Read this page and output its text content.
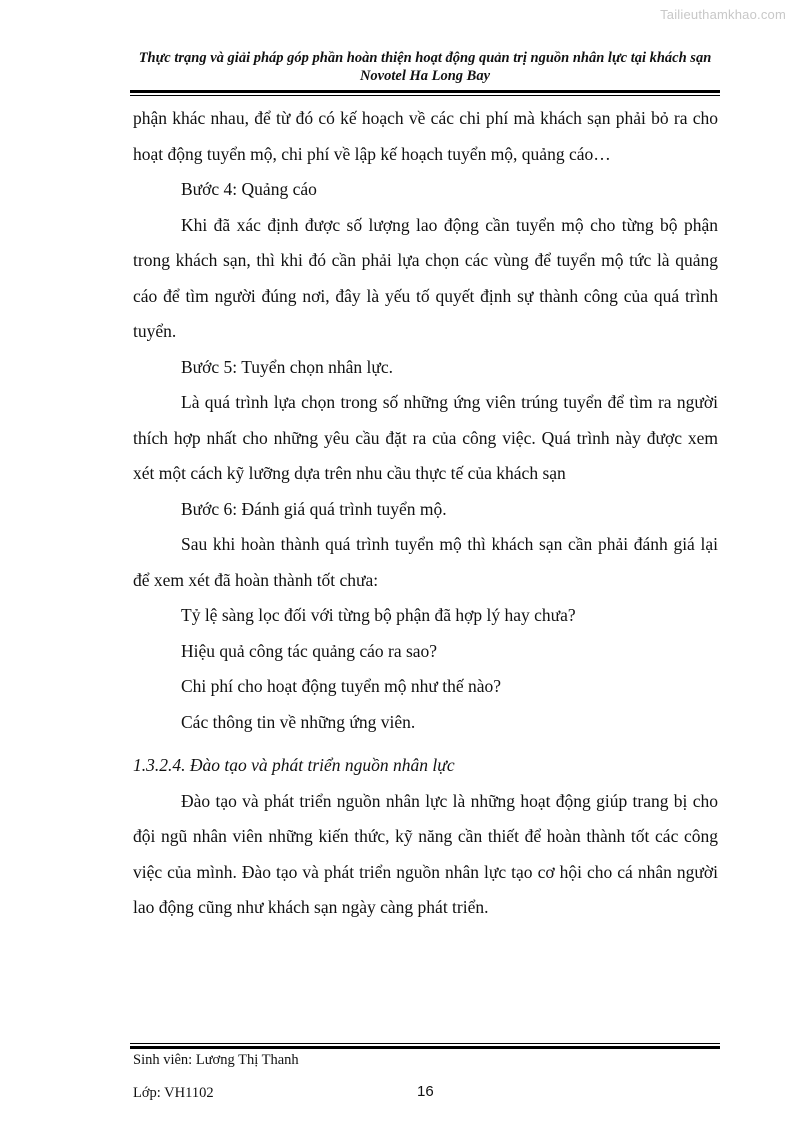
Tailieuthamkhao.com
Thực trạng và giải pháp góp phần hoàn thiện hoạt động quản trị nguồn nhân lực tại khách sạn
Novotel Ha Long Bay

phận khác nhau, để từ đó có kế hoạch về các chi phí mà khách sạn phải bỏ ra cho hoạt động tuyển mộ, chi phí về lập kế hoạch tuyển mộ, quảng cáo…

Bước 4: Quảng cáo

Khi đã xác định được số lượng lao động cần tuyển mộ cho từng bộ phận trong khách sạn, thì khi đó cần phải lựa chọn các vùng để tuyển mộ tức là quảng cáo để tìm người đúng nơi, đây là yếu tố quyết định sự thành công của quá trình tuyển.

Bước 5: Tuyển chọn nhân lực.

Là quá trình lựa chọn trong số những ứng viên trúng tuyển để tìm ra người thích hợp nhất cho những yêu cầu đặt ra của công việc. Quá trình này được xem xét một cách kỹ lưỡng dựa trên nhu cầu thực tế của khách sạn

Bước 6: Đánh giá quá trình tuyển mộ.

Sau khi hoàn thành quá trình tuyển mộ thì khách sạn cần phải đánh giá lại để xem xét đã hoàn thành tốt chưa:

Tỷ lệ sàng lọc đối với từng bộ phận đã hợp lý hay chưa?

Hiệu quả công tác quảng cáo ra sao?

Chi phí cho hoạt động tuyển mộ như thế nào?

Các thông tin về những ứng viên.

1.3.2.4. Đào tạo và phát triển nguồn nhân lực

Đào tạo và phát triển nguồn nhân lực là những hoạt động giúp trang bị cho đội ngũ nhân viên những kiến thức, kỹ năng cần thiết để hoàn thành tốt các công việc của mình. Đào tạo và phát triển nguồn nhân lực tạo cơ hội cho cá nhân người lao động cũng như khách sạn ngày càng phát triển.

Sinh viên: Lương Thị Thanh
Lớp: VH1102	16
